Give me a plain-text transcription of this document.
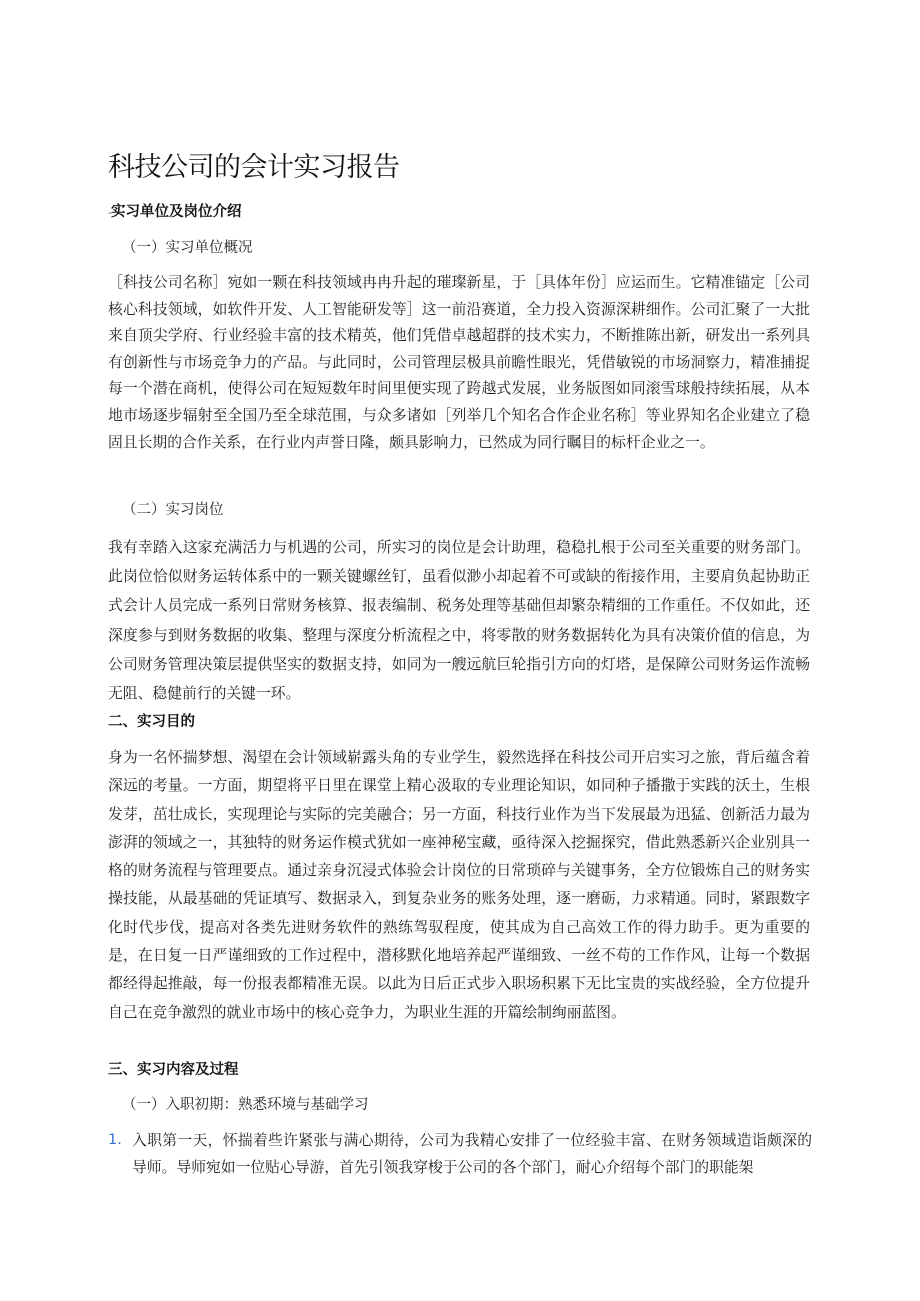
科技公司的会计实习报告
-实习单位及岗位介绍
（一）实习单位概况

［科技公司名称］宛如一颗在科技领域冉冉升起的璀璨新星，于［具体年份］应运而生。它精准锚定［公司核心科技领域，如软件开发、人工智能研发等］这一前沿赛道，全力投入资源深耕细作。公司汇聚了一大批来自顶尖学府、行业经验丰富的技术精英，他们凭借卓越超群的技术实力，不断推陈出新，研发出一系列具有创新性与市场竞争力的产品。与此同时，公司管理层极具前瞻性眼光，凭借敏锐的市场洞察力，精准捕捉每一个潜在商机，使得公司在短短数年时间里便实现了跨越式发展，业务版图如同滚雪球般持续拓展，从本地市场逐步辐射至全国乃至全球范围，与众多诸如［列举几个知名合作企业名称］等业界知名企业建立了稳固且长期的合作关系，在行业内声誉日隆，颇具影响力，已然成为同行瞩目的标杆企业之一。

（二）实习岗位

我有幸踏入这家充满活力与机遇的公司，所实习的岗位是会计助理，稳稳扎根于公司至关重要的财务部门。此岗位恰似财务运转体系中的一颗关键螺丝钉，虽看似渺小却起着不可或缺的衔接作用，主要肩负起协助正式会计人员完成一系列日常财务核算、报表编制、税务处理等基础但却繁杂精细的工作重任。不仅如此，还深度参与到财务数据的收集、整理与深度分析流程之中，将零散的财务数据转化为具有决策价值的信息，为公司财务管理决策层提供坚实的数据支持，如同为一艘远航巨轮指引方向的灯塔，是保障公司财务运作流畅无阻、稳健前行的关键一环。

二、实习目的

身为一名怀揣梦想、渴望在会计领域崭露头角的专业学生，毅然选择在科技公司开启实习之旅，背后蕴含着深远的考量。一方面，期望将平日里在课堂上精心汲取的专业理论知识，如同种子播撒于实践的沃土，生根发芽，茁壮成长，实现理论与实际的完美融合；另一方面，科技行业作为当下发展最为迅猛、创新活力最为澎湃的领域之一，其独特的财务运作模式犹如一座神秘宝藏，亟待深入挖掘探究，借此熟悉新兴企业别具一格的财务流程与管理要点。通过亲身沉浸式体验会计岗位的日常琐碎与关键事务，全方位锻炼自己的财务实操技能，从最基础的凭证填写、数据录入，到复杂业务的账务处理，逐一磨砺，力求精通。同时，紧跟数字化时代步伐，提高对各类先进财务软件的熟练驾驭程度，使其成为自己高效工作的得力助手。更为重要的是，在日复一日严谨细致的工作过程中，潜移默化地培养起严谨细致、一丝不苟的工作作风，让每一个数据都经得起推敲，每一份报表都精准无误。以此为日后正式步入职场积累下无比宝贵的实战经验，全方位提升自己在竞争激烈的就业市场中的核心竞争力，为职业生涯的开篇绘制绚丽蓝图。

三、实习内容及过程
（一）入职初期：熟悉环境与基础学习
1． 入职第一天，怀揣着些许紧张与满心期待，公司为我精心安排了一位经验丰富、在财务领域造诣颇深的导师。导师宛如一位贴心导游，首先引领我穿梭于公司的各个部门，耐心介绍每个部门的职能架
